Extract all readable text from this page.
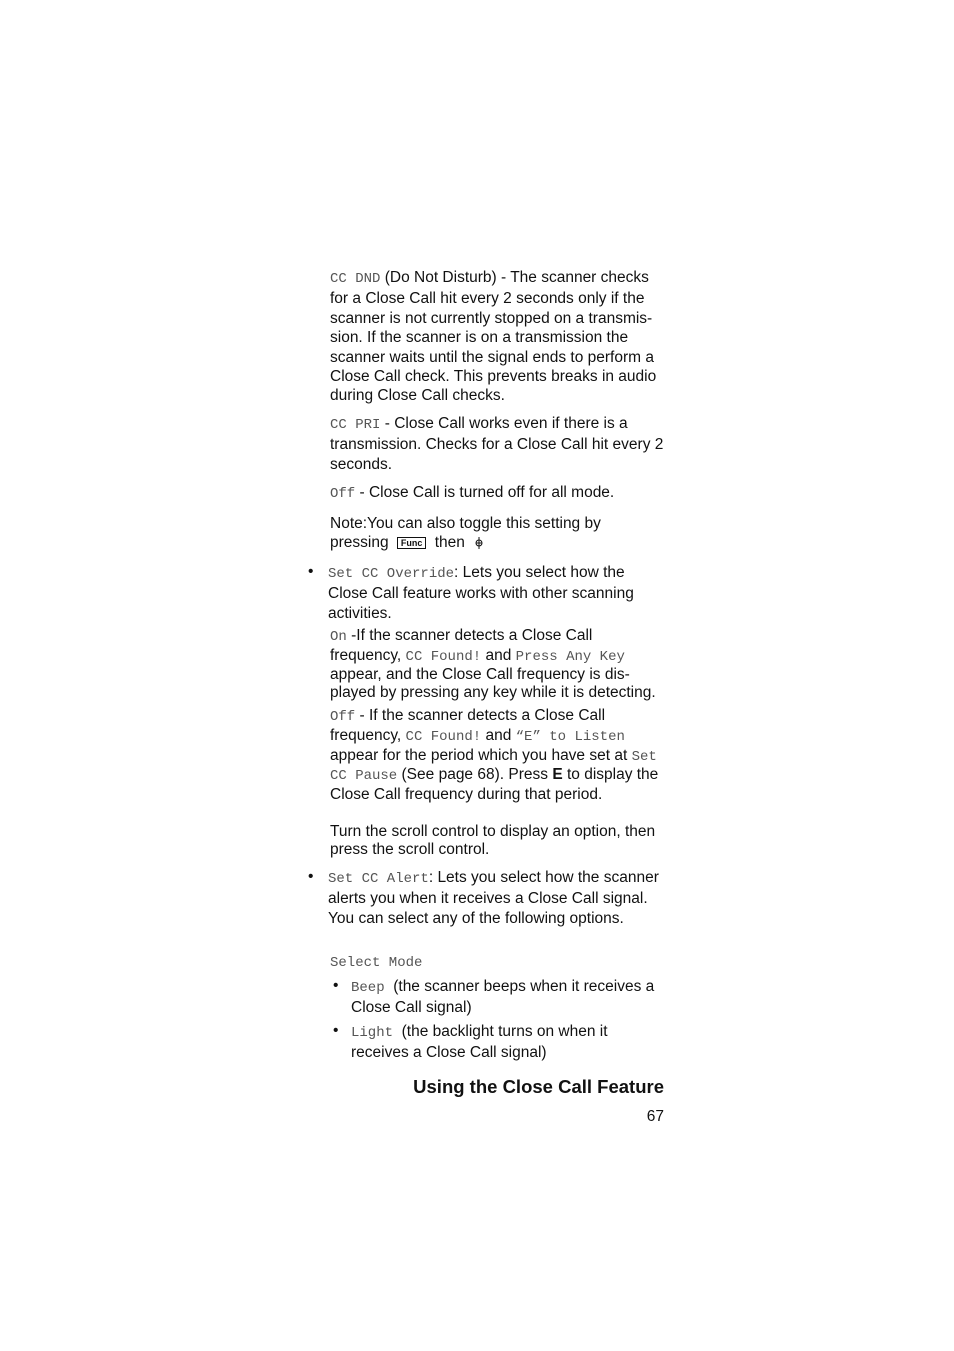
CC DND (Do Not Disturb) - The scanner checks for a Close Call hit every 2 seconds only if the scanner is not currently stopped on a transmis-sion. If the scanner is on a transmission the scanner waits until the signal ends to perform a Close Call check. This prevents breaks in audio during Close Call checks.

CC PRI - Close Call works even if there is a transmission. Checks for a Close Call hit every 2 seconds.

Off - Close Call is turned off for all mode.

Note:You can also toggle this setting by

pressing Func then

• Set CC Override: Lets you select how the Close Call feature works with other scanning activities.

On -If the scanner detects a Close Call frequency, CC Found! and Press Any Key appear, and the Close Call frequency is dis-played by pressing any key while it is detecting.

Off - If the scanner detects a Close Call frequency, CC Found! and “E” to Listen appear for the period which you have set at Set CC Pause (See page 68). Press E to display the Close Call frequency during that period.

Turn the scroll control to display an option, then press the scroll control.

• Set CC Alert: Lets you select how the scanner alerts you when it receives a Close Call signal. You can select any of the following options.

Select Mode

• Beep  (the scanner beeps when it receives a Close Call signal)

• Light  (the backlight turns on when it receives a Close Call signal)

Using the Close Call Feature
67
